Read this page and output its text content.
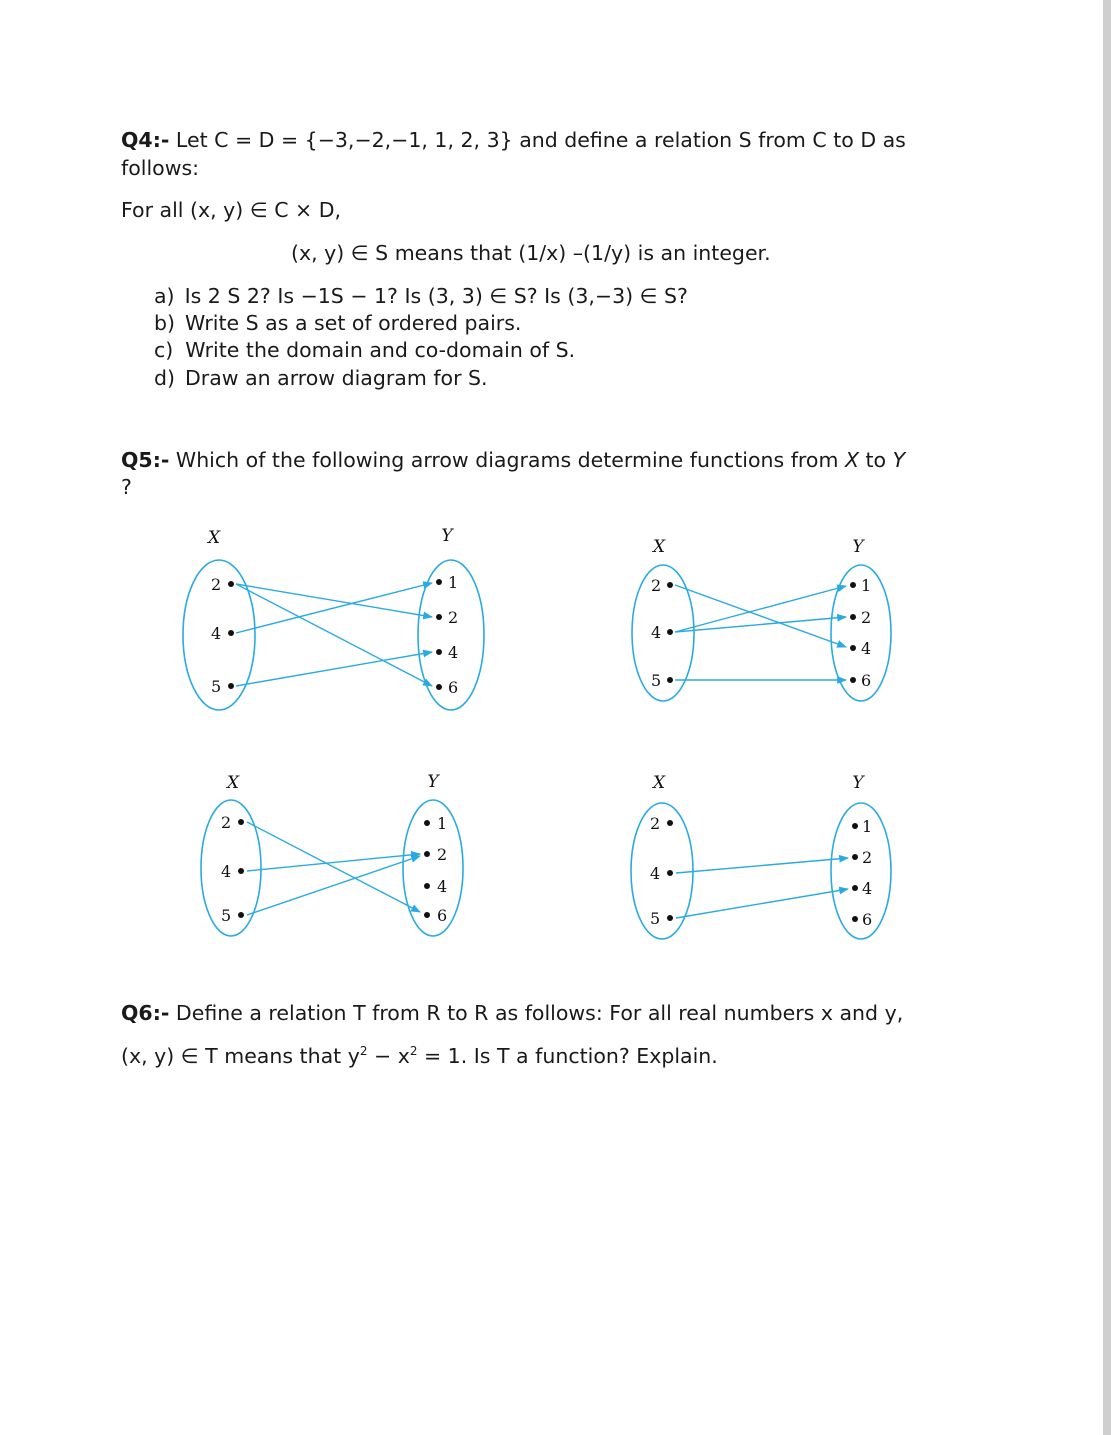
Q4:- Let C = D = {−3,−2,−1, 1, 2, 3} and define a relation S from C to D as
follows:
For all (x, y) ∈ C × D,
(x, y) ∈ S means that (1/x) –(1/y) is an integer.
a) Is 2 S 2? Is −1S − 1? Is (3, 3) ∈ S? Is (3,−3) ∈ S?
b) Write S as a set of ordered pairs.
c) Write the domain and co-domain of S.
d) Draw an arrow diagram for S.
Q5:- Which of the following arrow diagrams determine functions from X to Y
?
X	Y
2
4
5
1
2
4
6
X	Y
2
4
5
1
2
4
6
X	Y
2
4
5
1
2
4
6
X	Y
2
4
5
1
2
4
6
Q6:- Define a relation T from R to R as follows: For all real numbers x and y,
(x, y) ∈ T means that $y^2 - x^2 = 1$. Is T a function? Explain.
